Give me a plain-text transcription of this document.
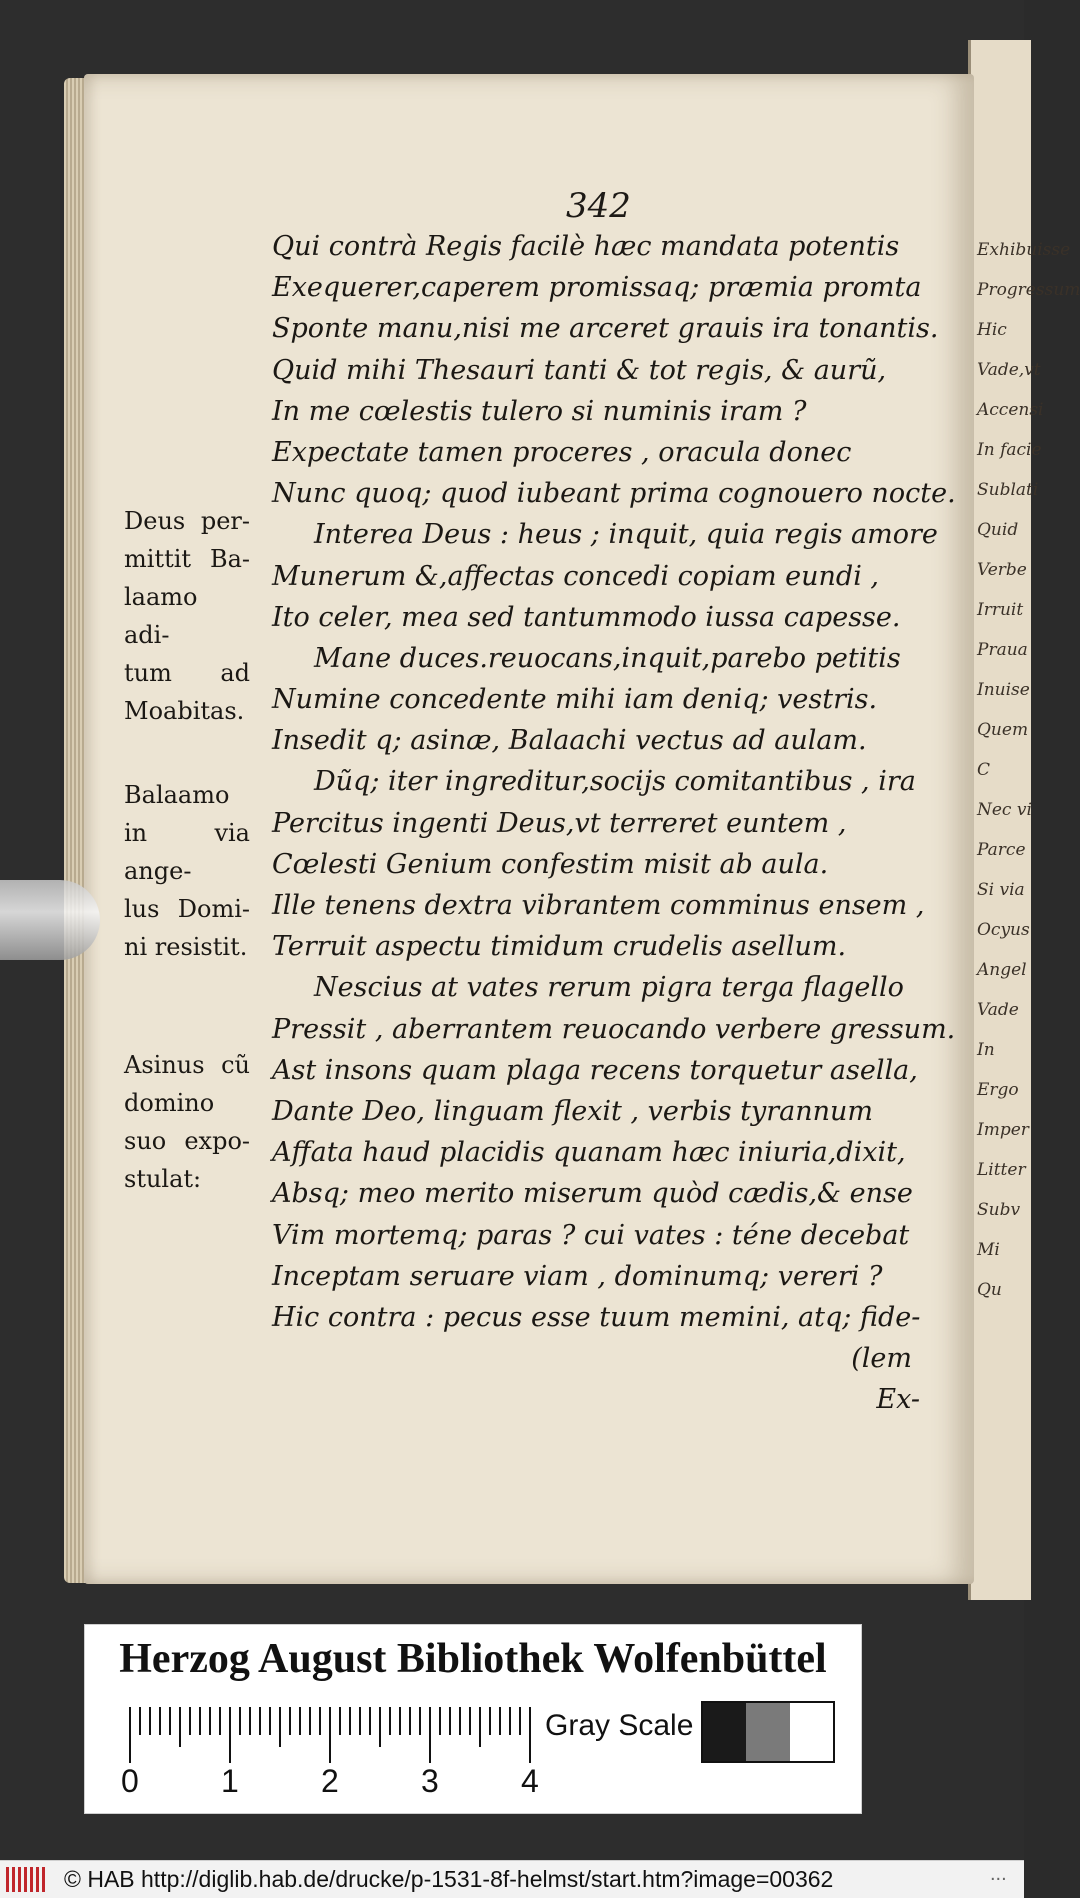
Exhibuisse
Progressum
Hic
Vade,vt
Accensi
In facie
Sublati
Quid
Verbe
Irruit
Praua
Inuise
Quem
C
Nec vi
Parce
Si via
Ocyus
Angel
Vade
In
Ergo
Imper
Litter
Subv
Mi
Qu
342
Qui contrà Regis facilè hæc mandata potentis
Exequerer,caperem promissaq; præmia promta
Sponte manu,nisi me arceret grauis ira tonantis.
Quid mihi Thesauri tanti & tot regis, & aurũ,
In me cœlestis tulero si numinis iram ?
Expectate tamen proceres , oracula donec
Nunc quoq; quod iubeant prima cognouero nocte.
Interea Deus : heus ; inquit, quia regis amore
Munerum &,affectas concedi copiam eundi ,
Ito celer, mea sed tantummodo iussa capesse.
Mane duces.reuocans,inquit,parebo petitis
Numine concedente mihi iam deniq; vestris.
Insedit q; asinæ, Balaachi vectus ad aulam.
Dũq; iter ingreditur,socijs comitantibus , ira
Percitus ingenti Deus,vt terreret euntem ,
Cœlesti Genium confestim misit ab aula.
Ille tenens dextra vibrantem comminus ensem ,
Terruit aspectu timidum crudelis asellum.
Nescius at vates rerum pigra terga flagello
Pressit , aberrantem reuocando verbere gressum.
Ast insons quam plaga recens torquetur asella,
Dante Deo, linguam flexit , verbis tyrannum
Affata haud placidis quanam hæc iniuria,dixit,
Absq; meo merito miserum quòd cædis,& ense
Vim mortemq; paras ? cui vates : téne decebat
Inceptam seruare viam , dominumq; vereri ?
Hic contra : pecus esse tuum memini, atq; fide-
(lem
Ex-
Deus per-
mittit Ba-
laamo adi-
tum ad
Moabitas.
Balaamo
in via ange-
lus Domi-
ni resistit.
Asinus cũ
domino
suo expo-
stulat:
Herzog August Bibliothek Wolfenbüttel
0	1	2	3	4
Gray Scale
© HAB http://diglib.hab.de/drucke/p-1531-8f-helmst/start.htm?image=00362	...
